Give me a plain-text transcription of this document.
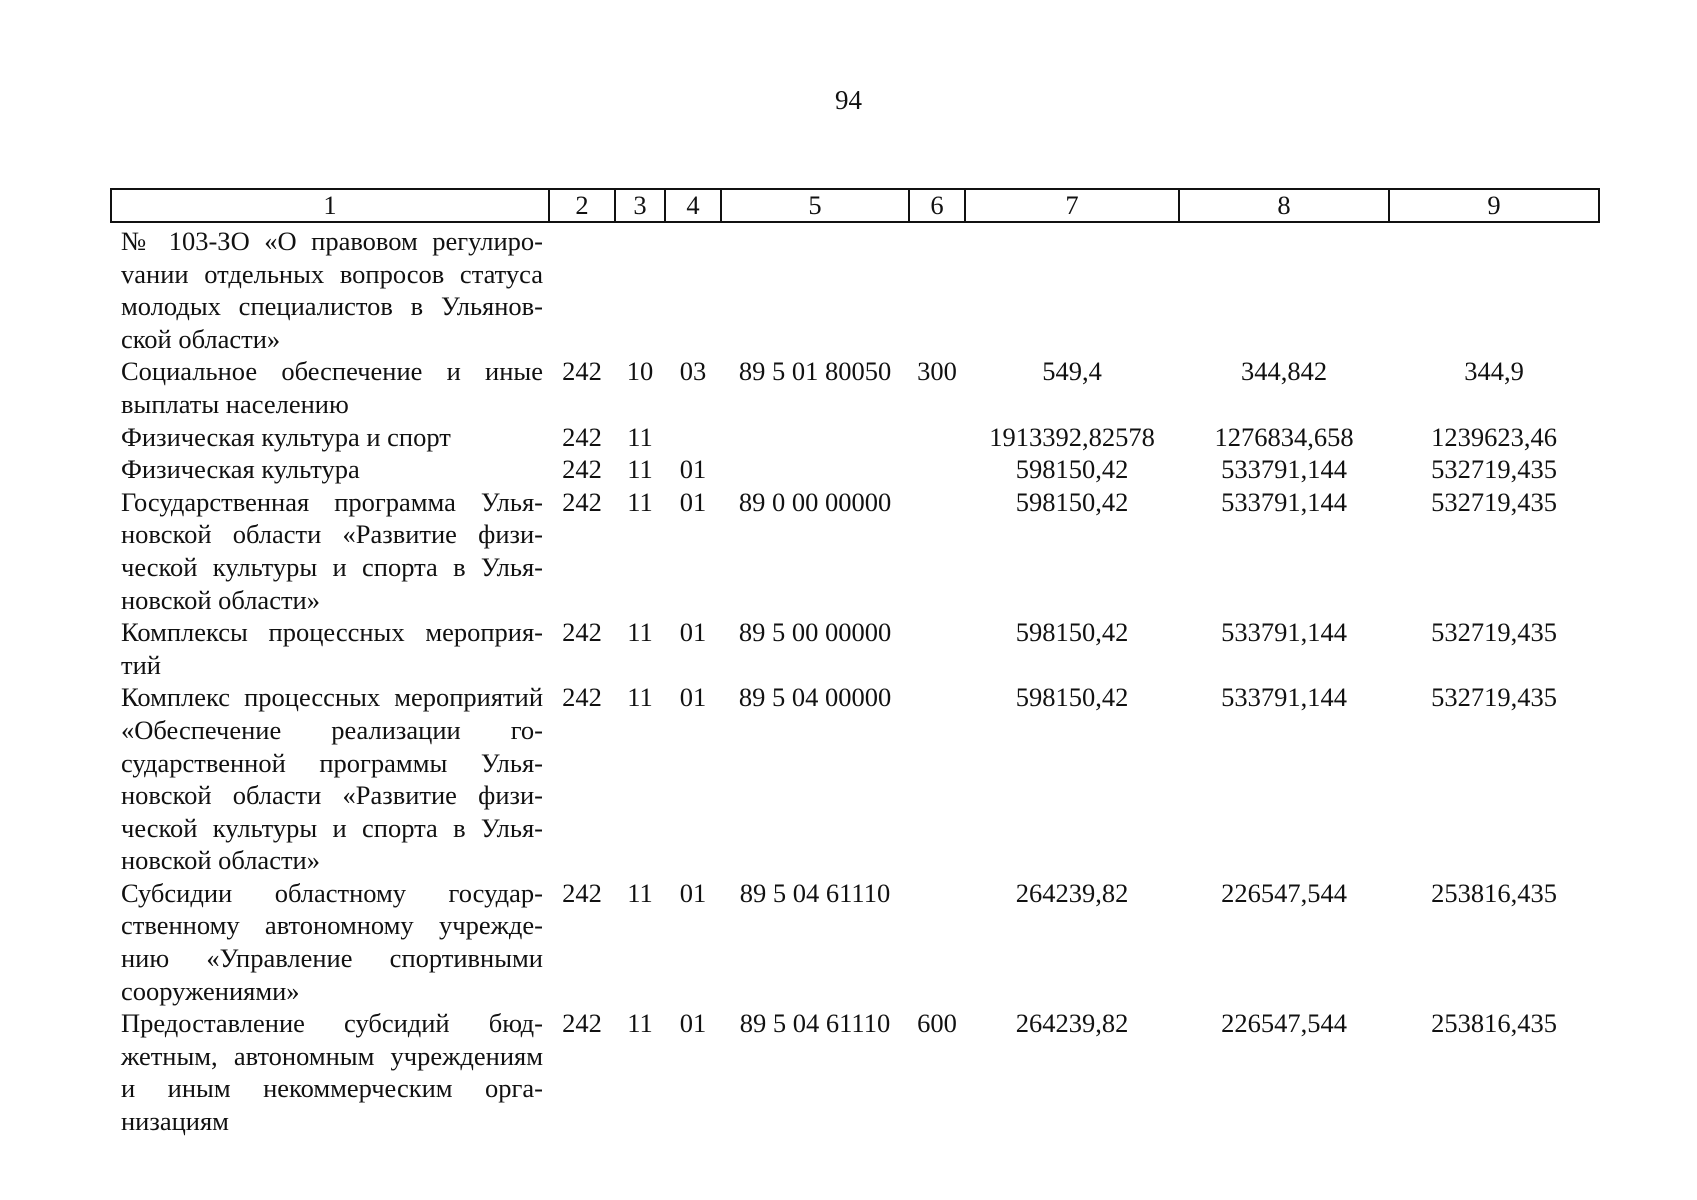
94
1	2	3	4	5	6	7	8	9
№ 103-ЗО «О правовом регулироvании отдельных вопросов статуса молодых специалистов в Ульяновской области»								
Социальное обеспечение и иные выплаты населению	242	10	03	89 5 01 80050	300	549,4	344,842	344,9
Физическая культура и спорт	242	11				1913392,82578	1276834,658	1239623,46
Физическая культура	242	11	01			598150,42	533791,144	532719,435
Государственная программа Ульяновской области «Развитие физической культуры и спорта в Ульяновской области»	242	11	01	89 0 00 00000		598150,42	533791,144	532719,435
Комплексы процессных мероприятий	242	11	01	89 5 00 00000		598150,42	533791,144	532719,435
Комплекс процессных мероприятий «Обеспечение реализации государственной программы Ульяновской области «Развитие физической культуры и спорта в Ульяновской области»	242	11	01	89 5 04 00000		598150,42	533791,144	532719,435
Субсидии областному государственному автономному учреждению «Управление спортивными сооружениями»	242	11	01	89 5 04 61110		264239,82	226547,544	253816,435
Предоставление субсидий бюджетным, автономным учреждениям и иным некоммерческим организациям	242	11	01	89 5 04 61110	600	264239,82	226547,544	253816,435
